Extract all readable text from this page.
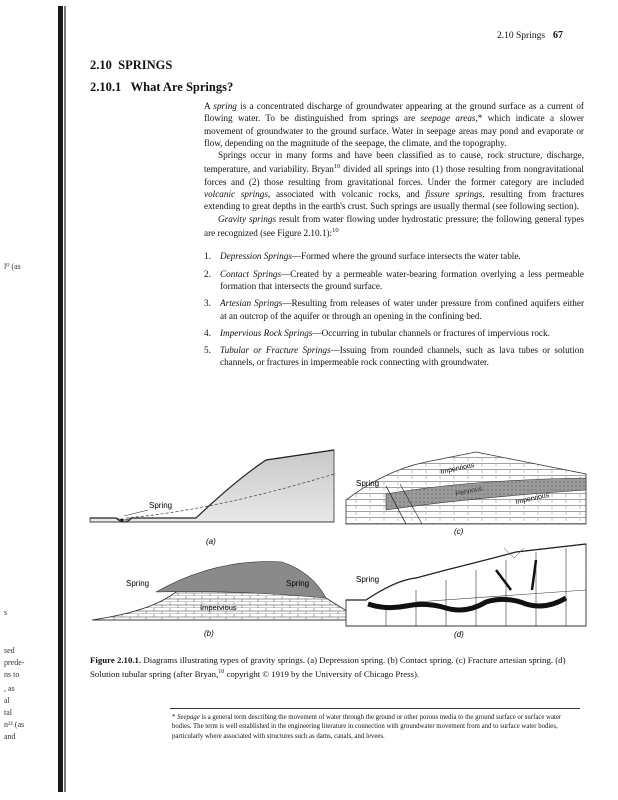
l⁰ (as
s
sed
prede-
ns to
, as
al
tal
n²² (as
and
2.10 Springs 67
2.10 SPRINGS
2.10.1 What Are Springs?

A spring is a concentrated discharge of groundwater appearing at the ground surface as a current of flowing water. To be distinguished from springs are seepage areas,* which indicate a slower movement of groundwater to the ground surface. Water in seepage areas may pond and evaporate or flow, depending on the magnitude of the seepage, the climate, and the topography.

Springs occur in many forms and have been classified as to cause, rock structure, discharge, temperature, and variability. Bryan$^{10}$ divided all springs into (1) those resulting from nongravitational forces and (2) those resulting from gravitational forces. Under the former category are included volcanic springs, associated with volcanic rocks, and fissure springs, resulting from fractures extending to great depths in the earth's crust. Such springs are usually thermal (see following section).

Gravity springs result from water flowing under hydrostatic pressure; the following general types are recognized (see Figure 2.10.1):$^{10}$

1. Depression Springs—Formed where the ground surface intersects the water table.
2. Contact Springs—Created by a permeable water-bearing formation overlying a less permeable formation that intersects the ground surface.
3. Artesian Springs—Resulting from releases of water under pressure from confined aquifers either at an outcrop of the aquifer or through an opening in the confining bed.
4. Impervious Rock Springs—Occurring in tubular channels or fractures of impervious rock.
5. Tubular or Fracture Springs—Issuing from rounded channels, such as lava tubes or solution channels, or fractures in impermeable rock connecting with groundwater.
Spring
(a)
Impervious
Pervious
Impervious
Spring
(c)
Spring	Spring
Impervious
(b)
Spring
(d)
Figure 2.10.1. Diagrams illustrating types of gravity springs. (a) Depression spring. (b) Contact spring. (c) Fracture artesian spring. (d) Solution tubular spring (after Bryan,$^{10}$ copyright © 1919 by the University of Chicago Press).
* Seepage is a general term describing the movement of water through the ground or other porous media to the ground surface or surface water bodies. The term is well established in the engineering literature in connection with groundwater movement from and to surface water bodies, particularly where associated with structures such as dams, canals, and levees.
